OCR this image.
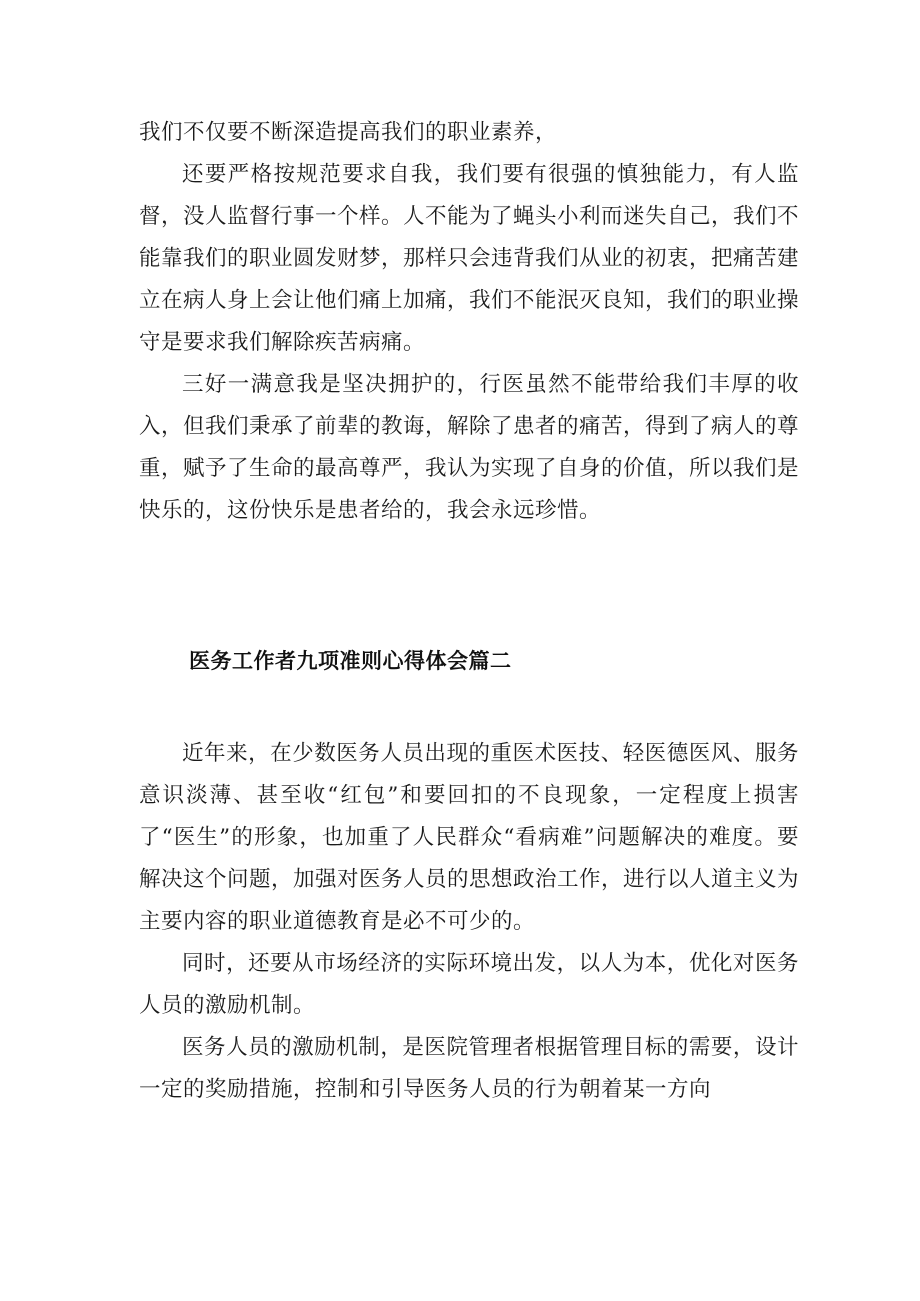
我们不仅要不断深造提高我们的职业素养，

还要严格按规范要求自我，我们要有很强的慎独能力，有人监督，没人监督行事一个样。人不能为了蝇头小利而迷失自己，我们不能靠我们的职业圆发财梦，那样只会违背我们从业的初衷，把痛苦建立在病人身上会让他们痛上加痛，我们不能泯灭良知，我们的职业操守是要求我们解除疾苦病痛。

三好一满意我是坚决拥护的，行医虽然不能带给我们丰厚的收入，但我们秉承了前辈的教诲，解除了患者的痛苦，得到了病人的尊重，赋予了生命的最高尊严，我认为实现了自身的价值，所以我们是快乐的，这份快乐是患者给的，我会永远珍惜。

医务工作者九项准则心得体会篇二

近年来，在少数医务人员出现的重医术医技、轻医德医风、服务意识淡薄、甚至收“红包”和要回扣的不良现象，一定程度上损害了“医生”的形象，也加重了人民群众“看病难”问题解决的难度。要解决这个问题，加强对医务人员的思想政治工作，进行以人道主义为主要内容的职业道德教育是必不可少的。

同时，还要从市场经济的实际环境出发，以人为本，优化对医务人员的激励机制。

医务人员的激励机制，是医院管理者根据管理目标的需要，设计一定的奖励措施，控制和引导医务人员的行为朝着某一方向
